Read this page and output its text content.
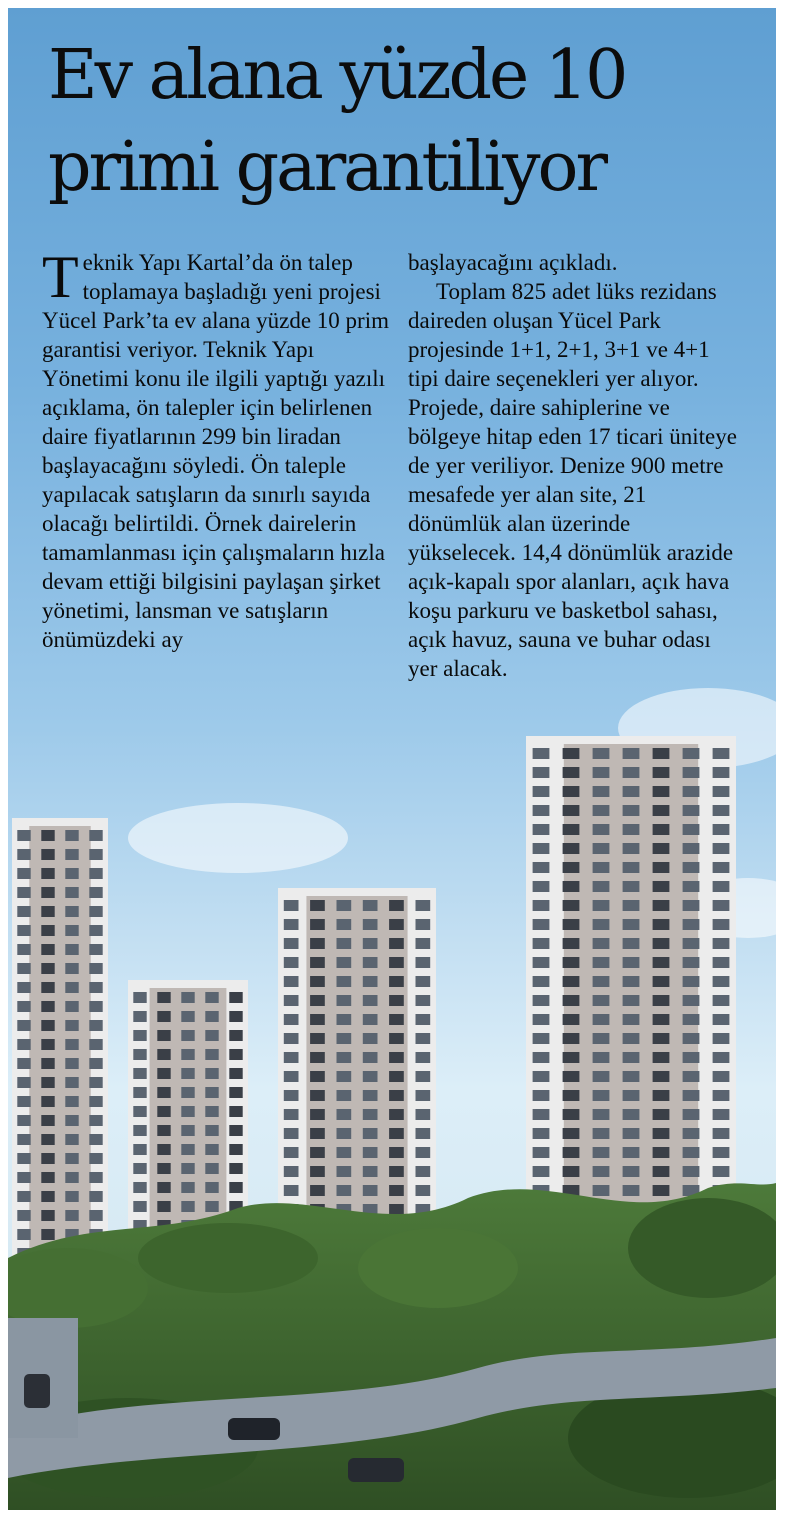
Ev alana yüzde 10
primi garantiliyor

Teknik Yapı Kartal’da ön talep toplamaya başladığı yeni projesi Yücel Park’ta ev alana yüzde 10 prim garantisi veriyor. Teknik Yapı Yönetimi konu ile ilgili yaptığı yazılı açıklama, ön talepler için belirlenen daire fiyatlarının 299 bin liradan başlayacağını söyledi. Ön taleple yapılacak satışların da sınırlı sayıda olacağı belirtildi. Örnek dairelerin tamamlanması için çalışmaların hızla devam ettiği bilgisini paylaşan şirket yönetimi, lansman ve satışların önümüzdeki ay

başlayacağını açıkladı.

Toplam 825 adet lüks rezidans daireden oluşan Yücel Park projesinde 1+1, 2+1, 3+1 ve 4+1 tipi daire seçenekleri yer alıyor. Projede, daire sahiplerine ve bölgeye hitap eden 17 ticari üniteye de yer veriliyor. Denize 900 metre mesafede yer alan site, 21 dönümlük alan üzerinde yükselecek. 14,4 dönümlük arazide açık-kapalı spor alanları, açık hava koşu parkuru ve basketbol sahası, açık havuz, sauna ve buhar odası yer alacak.
